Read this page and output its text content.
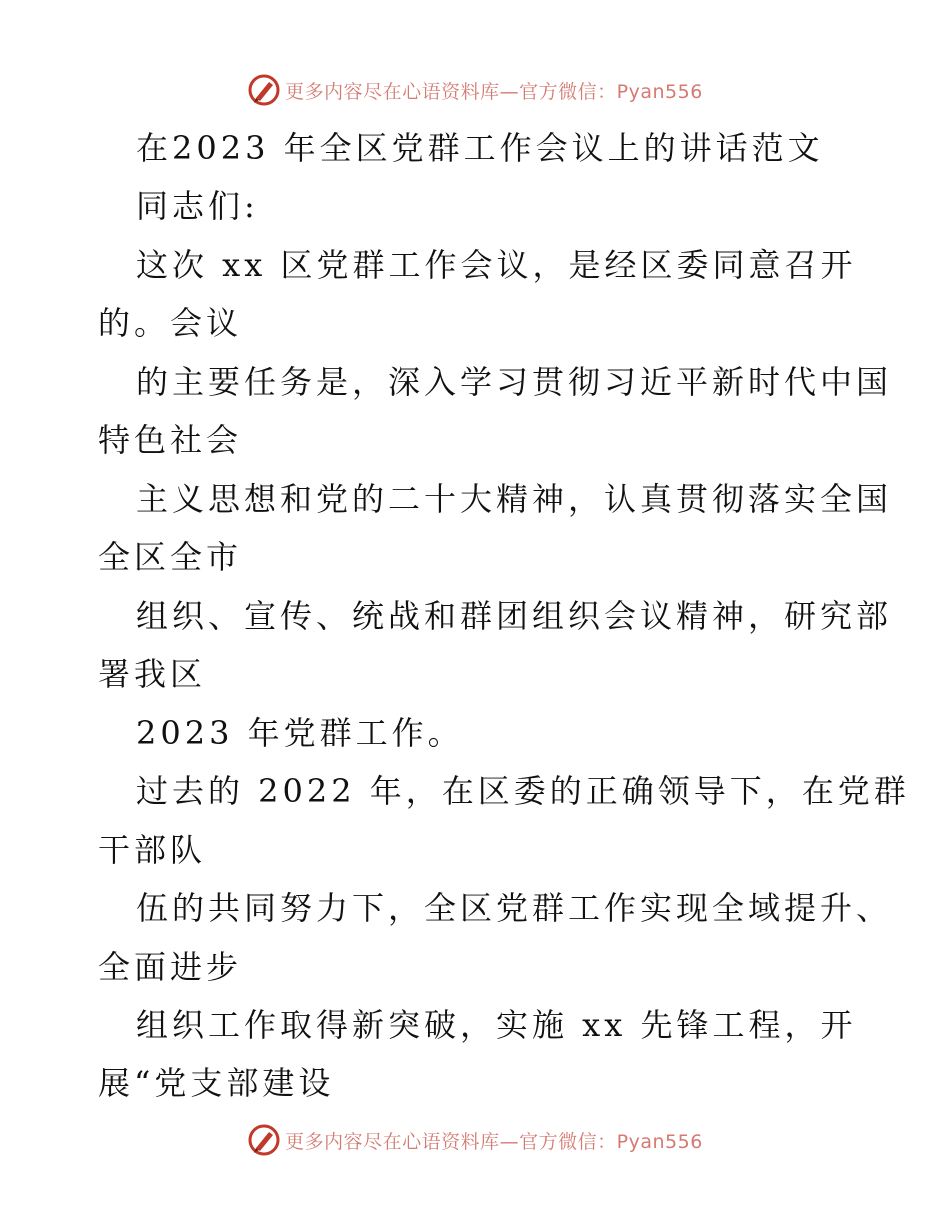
更多内容尽在心语资料库—官方微信：Pyan556
在2023 年全区党群工作会议上的讲话范文
同志们:
这次 xx 区党群工作会议，是经区委同意召开
的。会议
的主要任务是，深入学习贯彻习近平新时代中国
特色社会
主义思想和党的二十大精神，认真贯彻落实全国
全区全市
组织、宣传、统战和群团组织会议精神，研究部
署我区
2023 年党群工作。
过去的 2022 年，在区委的正确领导下，在党群
干部队
伍的共同努力下，全区党群工作实现全域提升、
全面进步
组织工作取得新突破，实施 xx 先锋工程，开
展“党支部建设
更多内容尽在心语资料库—官方微信：Pyan556
